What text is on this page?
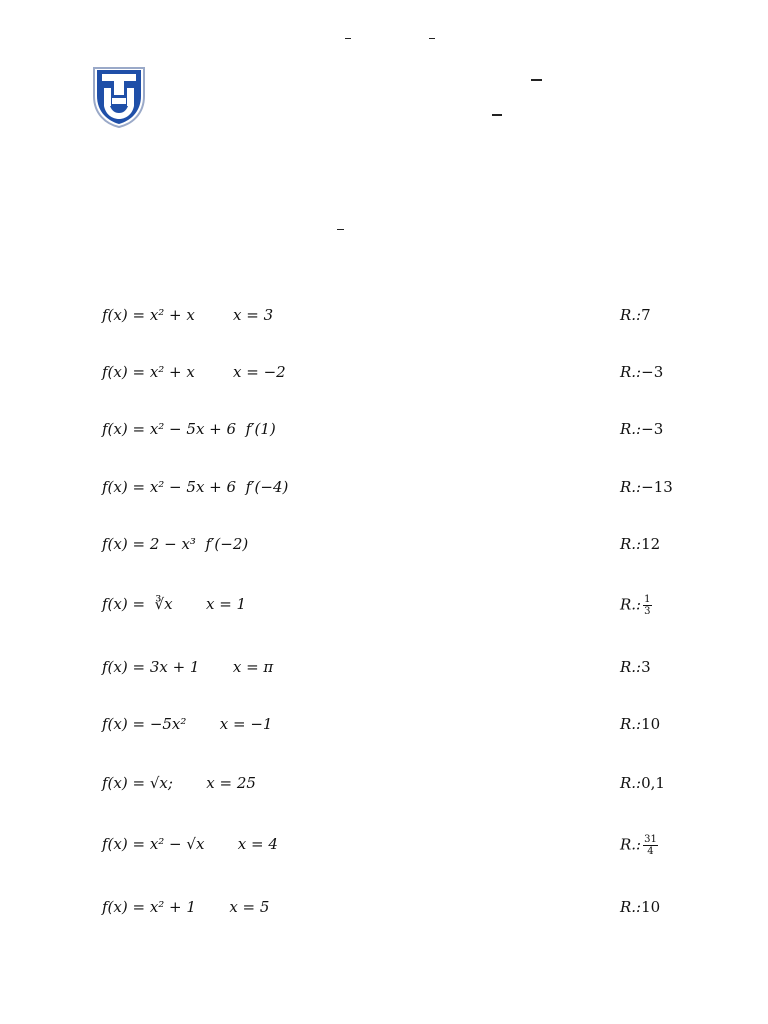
f(x) = x² + x        x = 3	R.:7
f(x) = x² + x        x = −2	R.:−3
f(x) = x² − 5x + 6  f′(1)	R.:−3
f(x) = x² − 5x + 6  f′(−4)	R.:−13
f(x) = 2 − x³  f′(−2)	R.:12
f(x) =  ∛x       x = 1	R.: $\frac{1}{3}$
f(x) = 3x + 1       x = π	R.:3
f(x) = −5x²       x = −1	R.:10
f(x) = √x;       x = 25	R.:0,1
f(x) = x² − √x       x = 4	R.: $\frac{31}{4}$
f(x) = x² + 1       x = 5	R.:10
